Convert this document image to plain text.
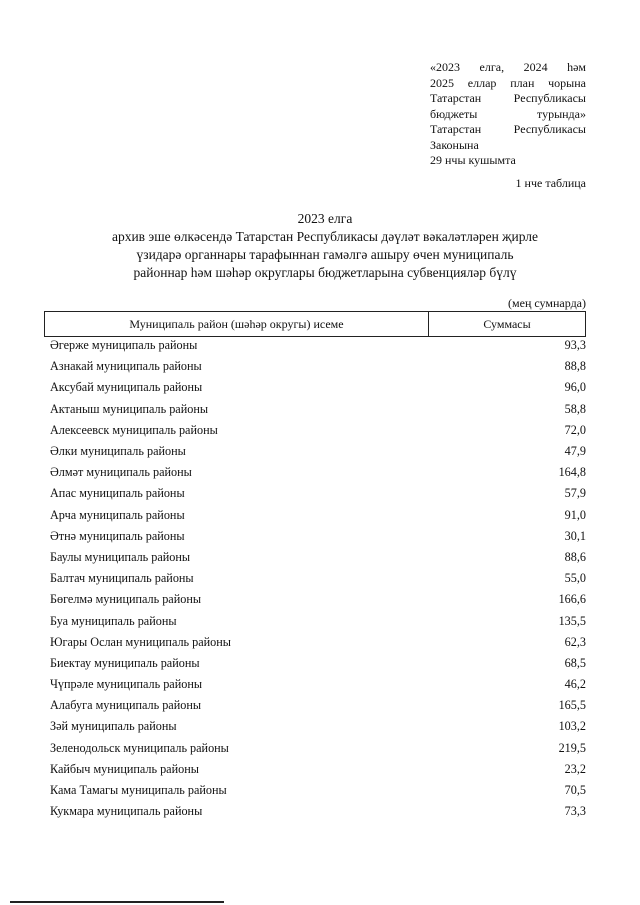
«2023 елга, 2024 һәм
2025 еллар план чорына
Татарстан Республикасы
бюджеты турында»
Татарстан Республикасы
Законына
29 нчы кушымта
1 нче таблица
2023 елга
архив эше өлкәсендә Татарстан Республикасы дәүләт вәкаләтләрен җирле
үзидарә органнары тарафыннан гамәлгә ашыру өчен муниципаль
районнар һәм шәһәр округлары бюджетларына субвенцияләр бүлү
(мең сумнарда)
Муниципаль район (шәһәр округы) исеме	Суммасы
Әгерже муниципаль районы	93,3
Азнакай муниципаль районы	88,8
Аксубай муниципаль районы	96,0
Актаныш муниципаль районы	58,8
Алексеевск муниципаль районы	72,0
Әлки муниципаль районы	47,9
Әлмәт муниципаль районы	164,8
Апас муниципаль районы	57,9
Арча муниципаль районы	91,0
Әтнә муниципаль районы	30,1
Баулы муниципаль районы	88,6
Балтач муниципаль районы	55,0
Бөгелмә муниципаль районы	166,6
Буа муниципаль районы	135,5
Югары Ослан муниципаль районы	62,3
Биектау муниципаль районы	68,5
Чүпрәле муниципаль районы	46,2
Алабуга муниципаль районы	165,5
Зәй муниципаль районы	103,2
Зеленодольск муниципаль районы	219,5
Кайбыч муниципаль районы	23,2
Кама Тамагы муниципаль районы	70,5
Кукмара муниципаль районы	73,3
